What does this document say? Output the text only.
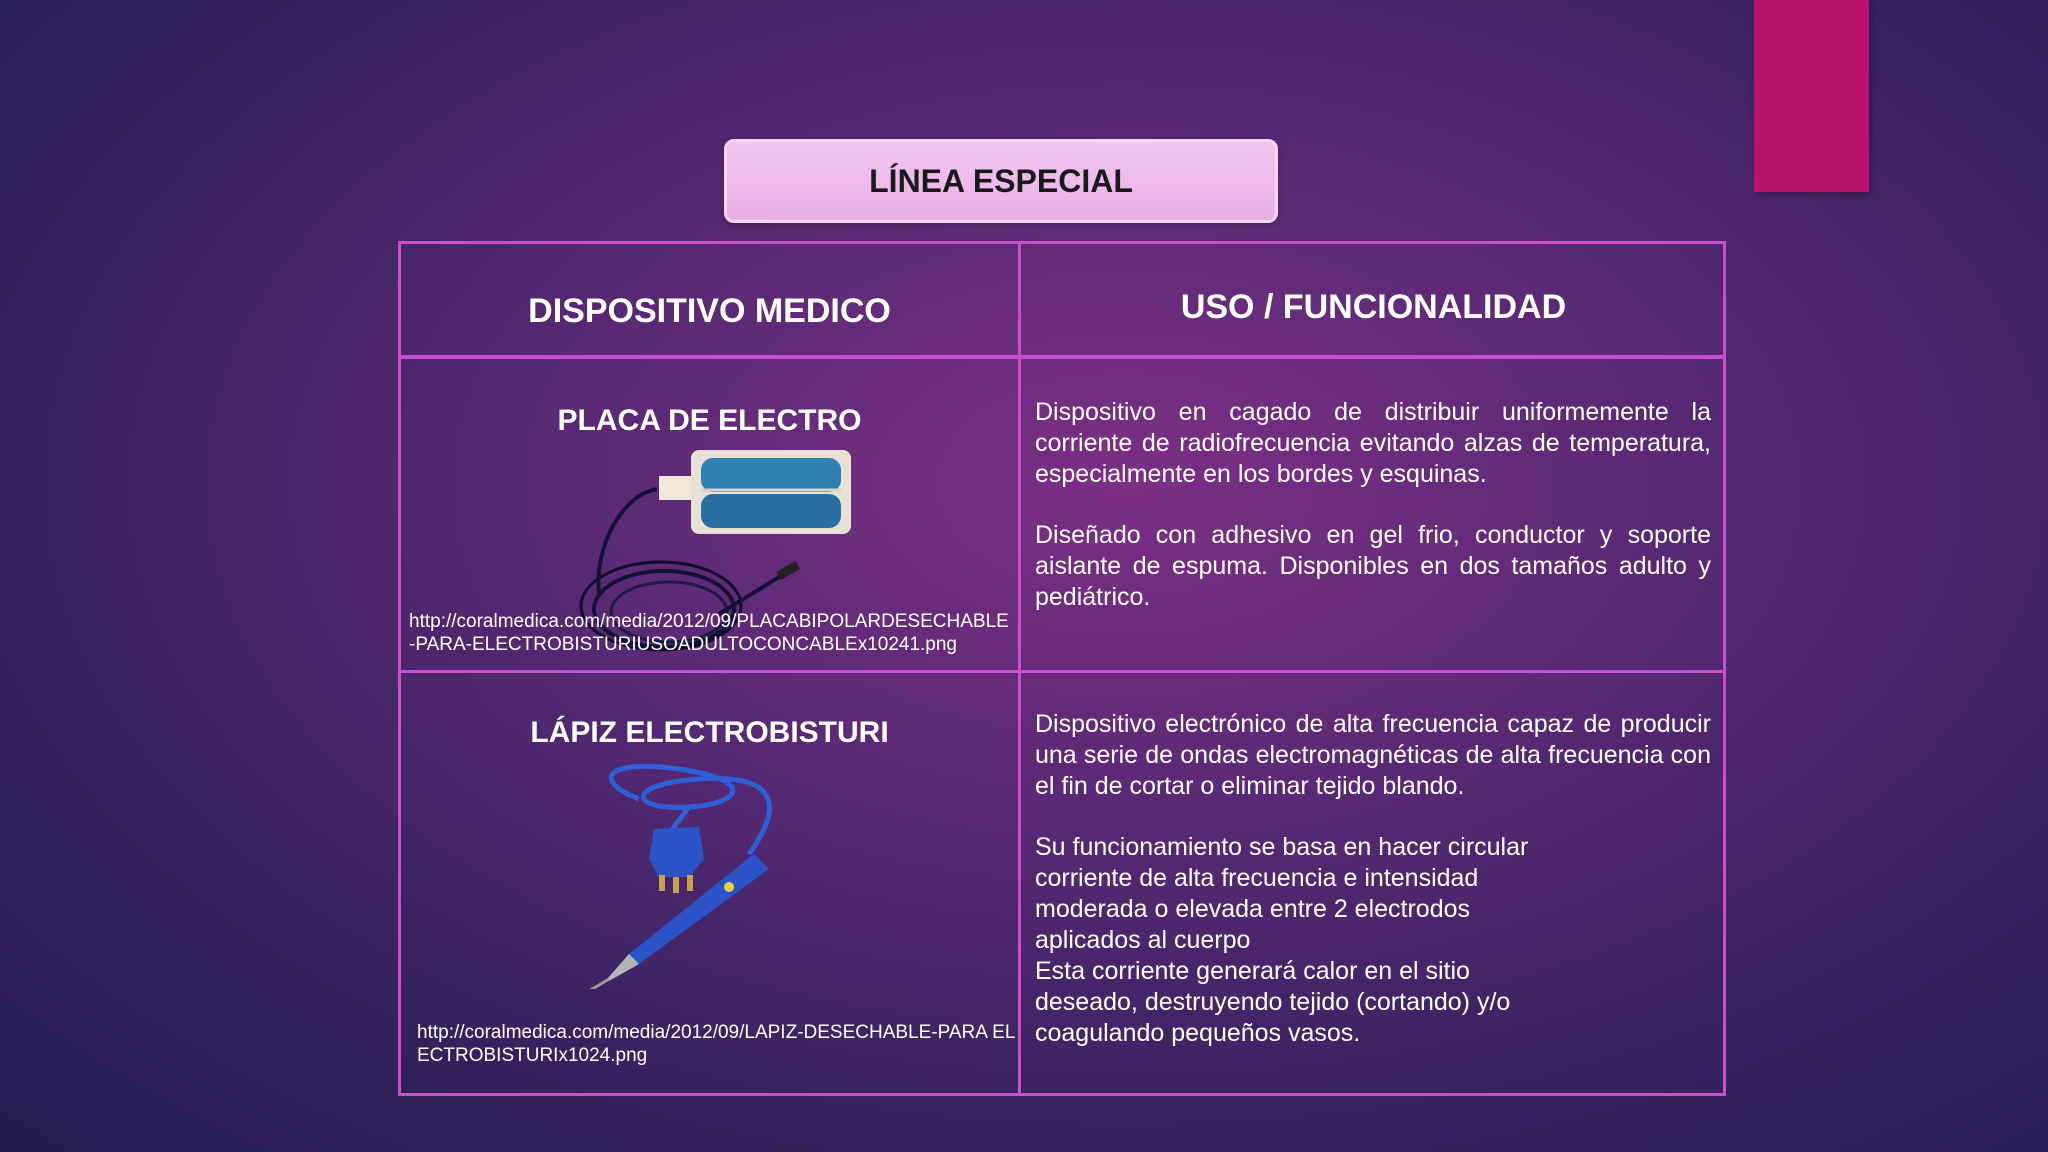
LÍNEA ESPECIAL
DISPOSITIVO MEDICO	USO / FUNCIONALIDAD
PLACA DE ELECTRO
http://coralmedica.com/media/2012/09/PLACABIPOLARDESECHABLE-PARA-ELECTROBISTURIUSOADULTOCONCABLEx10241.png

Dispositivo en cagado de distribuir uniformemente la corriente de radiofrecuencia evitando alzas de temperatura, especialmente en los bordes y esquinas.

Diseñado con adhesivo en gel frio, conductor y soporte aislante de espuma. Disponibles en dos tamaños adulto y pediátrico.

LÁPIZ ELECTROBISTURI
http://coralmedica.com/media/2012/09/LAPIZ-DESECHABLE-PARA ELECTROBISTURIx1024.png

Dispositivo electrónico de alta frecuencia capaz de producir una serie de ondas electromagnéticas de alta frecuencia con el fin de cortar o eliminar tejido blando.

Su funcionamiento se basa en hacer circular

corriente de alta frecuencia e intensidad

moderada o elevada entre 2 electrodos

aplicados al cuerpo

Esta corriente generará calor en el sitio

deseado, destruyendo tejido (cortando) y/o

coagulando pequeños vasos.
